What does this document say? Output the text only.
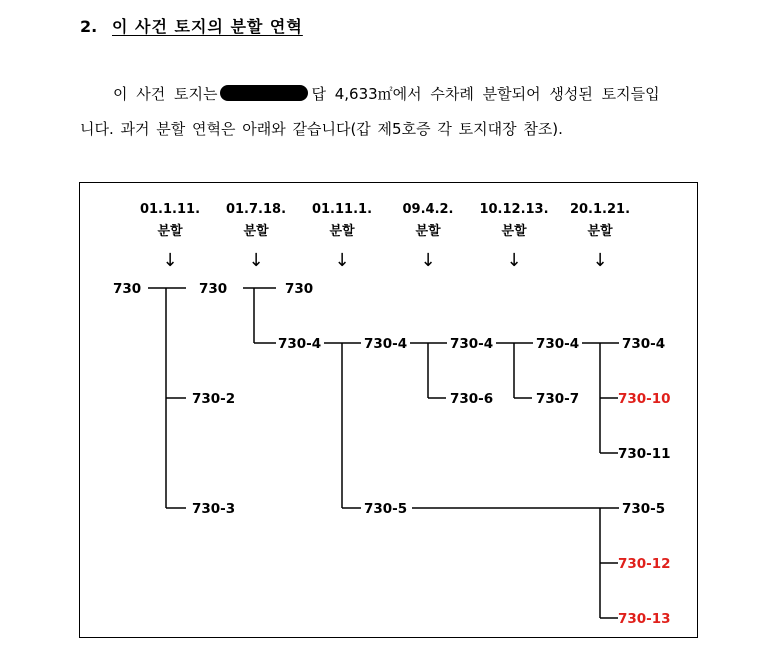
2. 이 사건 토지의 분할 연혁
이 사건 토지는	답 4,633㎡에서 수차례 분할되어 생성된 토지들입
니다. 과거 분할 연혁은 아래와 같습니다(갑 제5호증 각 토지대장 참조).
01.1.11. 01.7.18. 01.11.1. 09.4.2. 10.12.13. 20.1.21.
분할	분할	분할	분할	분할	분할
↓	↓	↓	↓	↓	↓
730	730	730
730-2
730-3
730-4	730-4	730-4	730-4	730-4
730-6	730-7	730-10
730-11
730-5	730-5
730-12
730-13
